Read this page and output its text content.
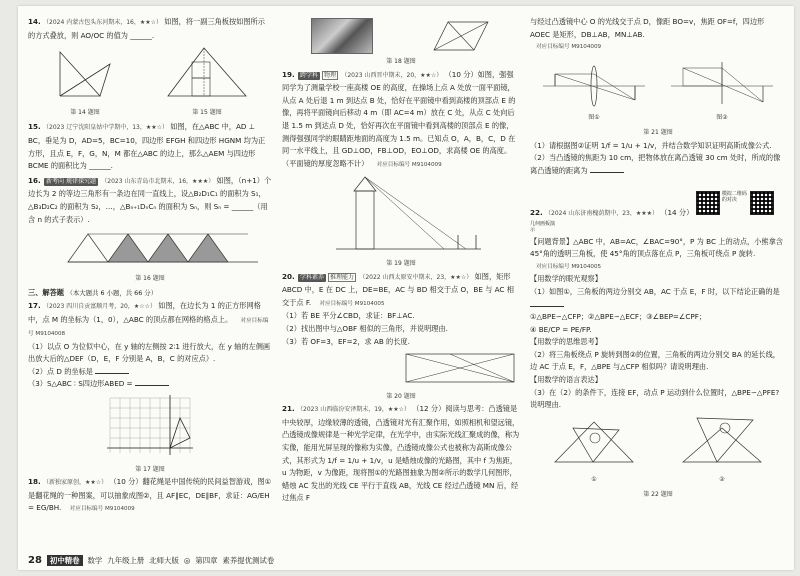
14. （2024 内蒙古包头东河期末，16，★★☆） 如图，将一副三角板按如图所示的方式叠放，则 AO/OC 的值为 ______.
第 14 题图	第 15 题图
15. （2023 辽宁沈阳皇姑中学期中，13，★★☆） 如图，在△ABC 中，AD ⊥ BC，垂足为 D，AD=5，BC=10，四边形 EFGH 和四边形 HGNM 均为正方形，且点 E，F，G，N，M 都在△ABC 的边上，那么△AEM 与四边形 BCME 的面积比为 ______.
16. 新考向 规律探究题 （2023 山东青岛市北期末，16，★★★） 如图，（n+1）个边长为 2 的等边三角形有一条边在同一直线上，设△B₂D₁C₁ 的面积为 S₁，△B₃D₂C₂ 的面积为 S₂，…，△Bₙ₊₁DₙCₙ 的面积为 Sₙ，则 Sₙ = ______（用含 n 的式子表示）.
第 16 题图
三、解答题 （本大题共 6 小题，共 66 分）
17. （2023 四川自贡富顺月考，20，★☆☆） 如图，在边长为 1 的正方形网格中，点 M 的坐标为（1，0），△ABC 的顶点都在网格的格点上。 对应目标编号 M9104008
（1）以点 O 为位似中心，在 y 轴的左侧按 2∶1 进行放大，在 y 轴的左侧画出放大后的△DEF（D，E，F 分别是 A，B，C 的对应点）.
（2）点 D 的坐标是
（3）S△ABC ∶ S四边形ABED =
第 17 题图
18. （新独家原创，★★☆） （10 分）翻花绳是中国传统的民间益智游戏，图①是翻花绳的一种图案，可以抽象成图②，且 AF∥EC，DE∥BF，求证：AG/EH = EG/BH. 对应目标编号 M9104009
第 18 题图
19. 跨学科 物理 （2023 山西晋中期末，20，★★☆） （10 分）如图，强强同学为了测量学校一座高楼 OE 的高度，在操场上点 A 处放一面平面镜，从点 A 处后退 1 m 到达点 B 处，恰好在平面镜中看到高楼的顶部点 E 的像，再将平面镜向后移动 4 m（即 AC=4 m）放在 C 处，从点 C 处向后退 1.5 m 到达点 D 处，恰好再次在平面镜中看到高楼的顶部点 E 的像，测得强强同学的眼睛距地面的高度为 1.5 m。已知点 O，A，B，C，D 在同一水平线上，且 GD⊥OD，FB⊥OD，EO⊥OD，求高楼 OE 的高度。（平面镜的厚度忽略不计） 对应目标编号 M9104009
第 19 题图
20. 学科素养 推理能力 （2022 山西太原安中期末，23，★★☆） 如图，矩形 ABCD 中，E 在 DC 上，DE=BE，AC 与 BD 相交于点 O，BE 与 AC 相交于点 F. 对应目标编号 M9104005
（1）若 BE 平分∠CBD，求证：BF⊥AC.
（2）找出图中与△OBF 相似的三角形，并说明理由.
（3）若 OF=3，EF=2，求 AB 的长度.
第 20 题图
21. （2023 山西临汾安泽期末，19，★★☆） （12 分）阅读与思考：凸透镜是中央较厚，边缘较薄的透镜，凸透镜对光有汇聚作用，如照相机和望远镜，凸透镜成像规律是一种光学定律，在光学中，由实际光线汇聚成的像，称为实像，能用光屏呈现的像称为实像，凸透镜成像公式也被称为高斯成像公式，其形式为 1/f = 1/u + 1/v，u 是蜡烛成像的光路图，其中 f 为焦距，u 为物距，v 为像距，现将图①的光路图抽象为图②所示的数学几何图形，蜡烛 AC 发出的光线 CE 平行于直线 AB，光线 CE 经过凸透镜 MN 后，经过焦点 F
与经过凸透镜中心 O 的光线交于点 D，像距 BO=v，焦距 OF=f，四边形 AOEC 是矩形，DB⊥AB，MN⊥AB.
对应目标编号 M9104009
图①	图②
第 21 题图
（1）请根据图②证明 1/f = 1/u + 1/v，并结合数学知识证明高斯成像公式.
（2）当凸透镜的焦距为 10 cm，把物体放在离凸透镜 30 cm 处时，所成的像离凸透镜的距离为
22. （2024 山东济南槐荫期中，23，★★★） （14 分）  模拟二维码的对决  几何画板演示
【问题背景】△ABC 中，AB=AC，∠BAC=90°，P 为 BC 上的动点，小熊拿含 45°角的透明三角板，使 45°角的顶点落在点 P，三角板可绕点 P 旋转.
对应目标编号 M9104005
【用数学的眼光观察】
（1）如图①，三角板的两边分别交 AB，AC 于点 E，F 时，以下结论正确的是
①△BPE∽△CFP；②△BPE∽△ECF；③∠BEP=∠CPF；
④ BE/CP = PE/FP.
【用数学的思维思考】
（2）将三角板绕点 P 旋转到图②的位置，三角板的两边分别交 BA 的延长线，边 AC 于点 E，F，△BPE 与△CFP 相似吗？请说明理由.
【用数学的语言表达】
（3）在（2）的条件下，连接 EF，动点 P 运动到什么位置时，△BPE∽△PFE? 说明理由.
①	②
第 22 题图
28	初中精卷	数学 九年级上册 北师大版 ◎ 第四章 素养提优测试卷
